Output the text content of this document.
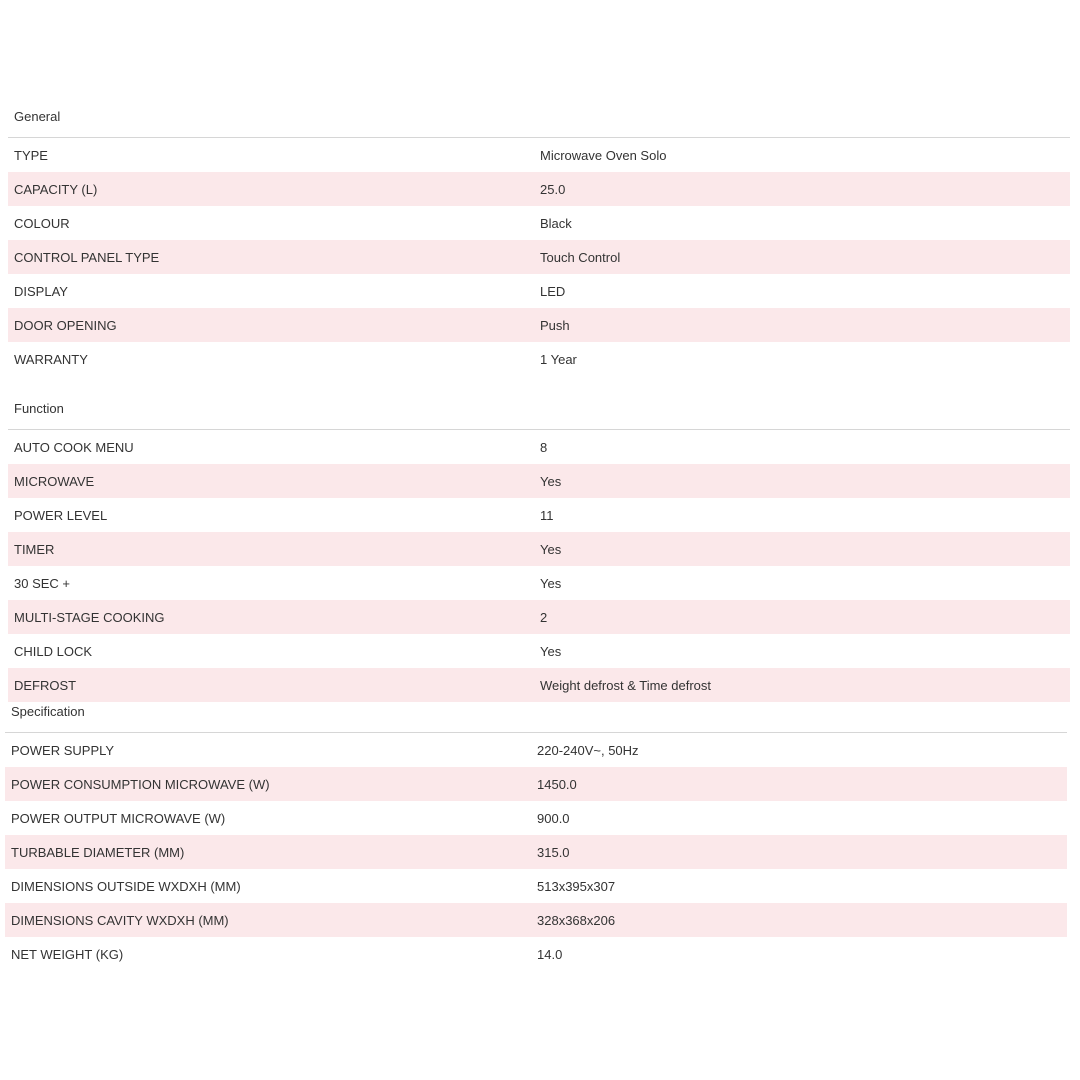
General
TYPE	Microwave Oven Solo
CAPACITY (L)	25.0
COLOUR	Black
CONTROL PANEL TYPE	Touch Control
DISPLAY	LED
DOOR OPENING	Push
WARRANTY	1 Year
Function
AUTO COOK MENU	8
MICROWAVE	Yes
POWER LEVEL	11
TIMER	Yes
30 SEC +	Yes
MULTI-STAGE COOKING	2
CHILD LOCK	Yes
DEFROST	Weight defrost & Time defrost
Specification
POWER SUPPLY	220-240V~, 50Hz
POWER CONSUMPTION MICROWAVE (W)	1450.0
POWER OUTPUT MICROWAVE (W)	900.0
TURBABLE DIAMETER (MM)	315.0
DIMENSIONS OUTSIDE WXDXH (MM)	513x395x307
DIMENSIONS CAVITY WXDXH (MM)	328x368x206
NET WEIGHT (KG)	14.0
